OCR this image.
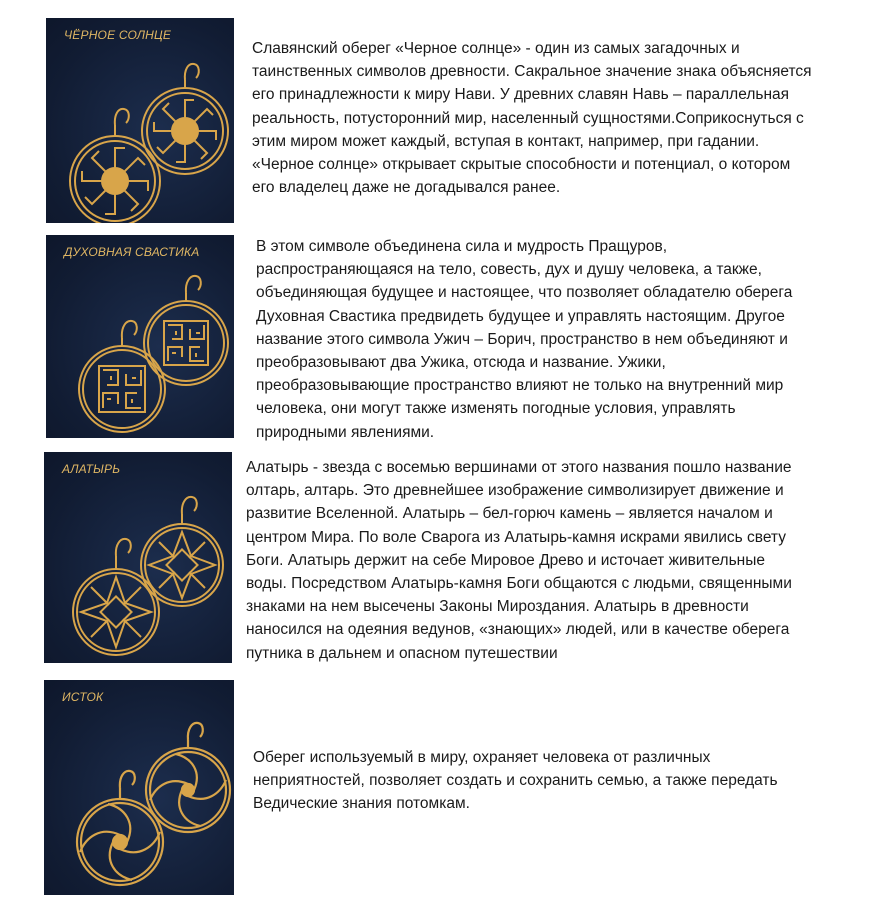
ЧЁРНОЕ СОЛНЦЕ
Славянский оберег «Черное солнце» - один из самых загадочных и
таинственных символов древности. Сакральное значение знака объясняется
его принадлежности к миру Нави. У древних славян Навь – параллельная
реальность, потусторонний мир, населенный сущностями.Соприкоснуться с
этим миром может каждый, вступая в контакт, например, при гадании.
«Черное солнце» открывает скрытые способности и потенциал, о котором
его владелец даже не догадывался ранее.
ДУХОВНАЯ СВАСТИКА	В этом символе объединена сила и мудрость Пращуров,
распространяющаяся на тело, совесть, дух и душу человека, а также,
объединяющая будущее и настоящее, что позволяет обладателю оберега
Духовная Свастика предвидеть будущее и управлять настоящим. Другое
название этого символа Ужич – Борич, пространство в нем объединяют и
преобразовывают два Ужика, отсюда и название. Ужики,
преобразовывающие пространство влияют не только на внутренний мир
человека, они могут также изменять погодные условия, управлять
природными явлениями.
АЛАТЫРЬ	Алатырь - звезда с восемью вершинами от этого названия пошло название
олтарь, алтарь. Это древнейшее изображение символизирует движение и
развитие Вселенной. Алатырь – бел-горюч камень – является началом и
центром Мира. По воле Сварога из Алатырь-камня искрами явились свету
Боги. Алатырь держит на себе Мировое Древо и источает живительные
воды. Посредством Алатырь-камня Боги общаются с людьми, священными
знаками на нем высечены Законы Мироздания. Алатырь в древности
наносился на одеяния ведунов, «знающих» людей, или в качестве оберега
путника в дальнем и опасном путешествии
ИСТОК
Оберег используемый в миру, охраняет человека от различных
неприятностей, позволяет создать и сохранить семью, а также передать
Ведические знания потомкам.
